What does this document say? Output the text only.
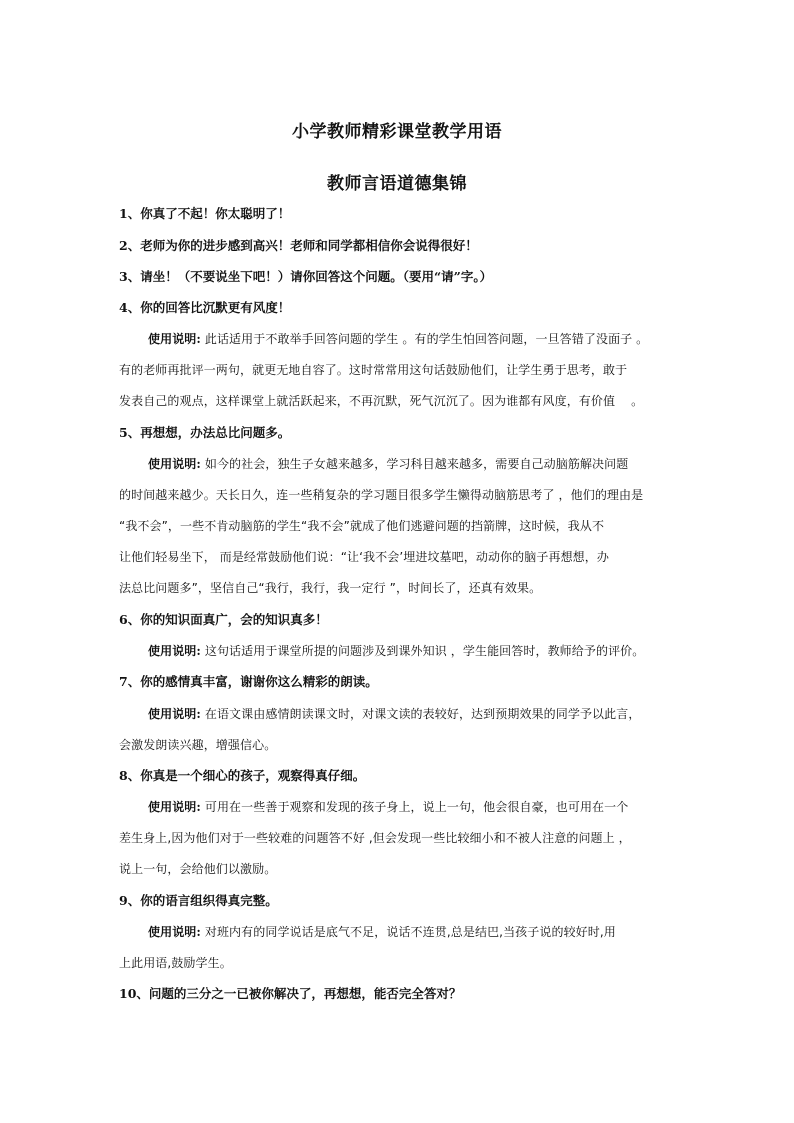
小学教师精彩课堂教学用语
教师言语道德集锦
1、你真了不起！你太聪明了！
2、老师为你的进步感到高兴！老师和同学都相信你会说得很好！
3、请坐！（不要说坐下吧！）请你回答这个问题。（要用“请”字。）
4、你的回答比沉默更有风度！
使用说明: 此话适用于不敢举手回答问题的学生 。有的学生怕回答问题，一旦答错了没面子 。
有的老师再批评一两句，就更无地自容了。这时常常用这句话鼓励他们，让学生勇于思考，敢于
发表自己的观点，这样课堂上就活跃起来，不再沉默，死气沉沉了。因为谁都有风度，有价值　 。
5、再想想，办法总比问题多。
使用说明: 如今的社会，独生子女越来越多，学习科目越来越多，需要自己动脑筋解决问题
的时间越来越少。天长日久，连一些稍复杂的学习题目很多学生懒得动脑筋思考了 ，他们的理由是
“我不会”，一些不肯动脑筋的学生“我不会”就成了他们逃避问题的挡箭牌，这时候，我从不
让他们轻易坐下， 而是经常鼓励他们说：“让‘我不会’埋进坟墓吧，动动你的脑子再想想，办
法总比问题多”，坚信自己“我行，我行，我一定行 ”，时间长了，还真有效果。
6、你的知识面真广，会的知识真多！
使用说明: 这句话适用于课堂所提的问题涉及到课外知识 ，学生能回答时，教师给予的评价。
7、你的感情真丰富，谢谢你这么精彩的朗读。
使用说明: 在语文课由感情朗读课文时，对课文读的表较好，达到预期效果的同学予以此言，
会激发朗读兴趣，增强信心。
8、你真是一个细心的孩子，观察得真仔细。
使用说明: 可用在一些善于观察和发现的孩子身上，说上一句，他会很自豪，也可用在一个
差生身上,因为他们对于一些较难的问题答不好 ,但会发现一些比较细小和不被人注意的问题上 ，
说上一句，会给他们以激励。
9、你的语言组织得真完整。
使用说明: 对班内有的同学说话是底气不足，说话不连贯,总是结巴,当孩子说的较好时,用
上此用语,鼓励学生。
10、问题的三分之一已被你解决了，再想想，能否完全答对？
